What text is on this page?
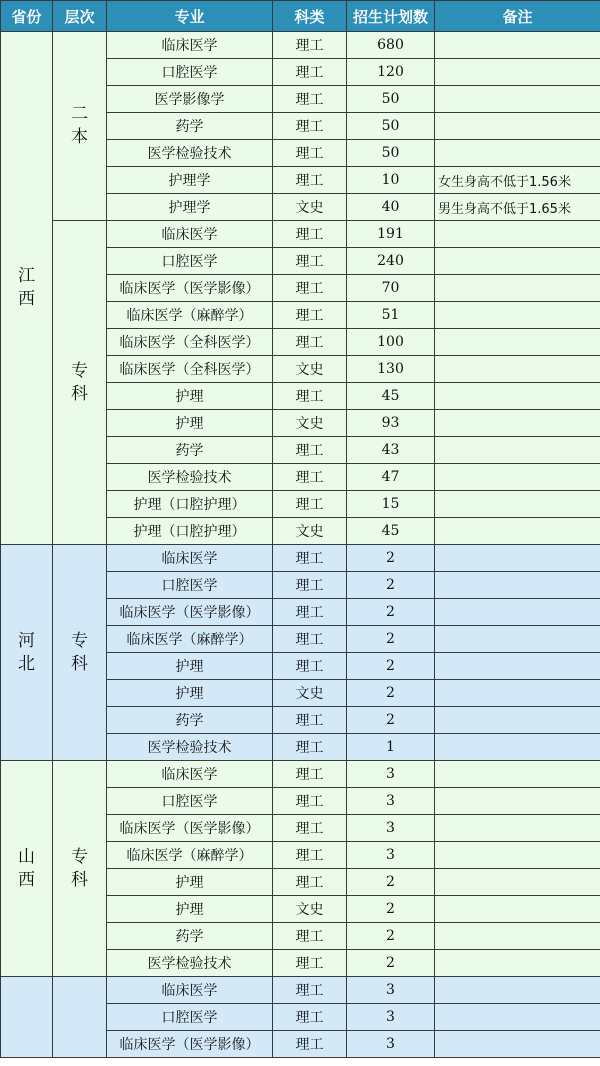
省份	层次	专业	科类	招生计划数	备注
江西	二本	临床医学	理工	680	
		口腔医学	理工	120	
		医学影像学	理工	50	
		药学	理工	50	
		医学检验技术	理工	50	
		护理学	理工	10	女生身高不低于1.56米
		护理学	文史	40	男生身高不低于1.65米
	专科	临床医学	理工	191	
		口腔医学	理工	240	
		临床医学（医学影像）	理工	70	
		临床医学（麻醉学）	理工	51	
		临床医学（全科医学）	理工	100	
		临床医学（全科医学）	文史	130	
		护理	理工	45	
		护理	文史	93	
		药学	理工	43	
		医学检验技术	理工	47	
		护理（口腔护理）	理工	15	
		护理（口腔护理）	文史	45	
河北	专科	临床医学	理工	2	
		口腔医学	理工	2	
		临床医学（医学影像）	理工	2	
		临床医学（麻醉学）	理工	2	
		护理	理工	2	
		护理	文史	2	
		药学	理工	2	
		医学检验技术	理工	1	
山西	专科	临床医学	理工	3	
		口腔医学	理工	3	
		临床医学（医学影像）	理工	3	
		临床医学（麻醉学）	理工	3	
		护理	理工	2	
		护理	文史	2	
		药学	理工	2	
		医学检验技术	理工	2	
		临床医学	理工	3	
		口腔医学	理工	3	
		临床医学（医学影像）	理工	3	
